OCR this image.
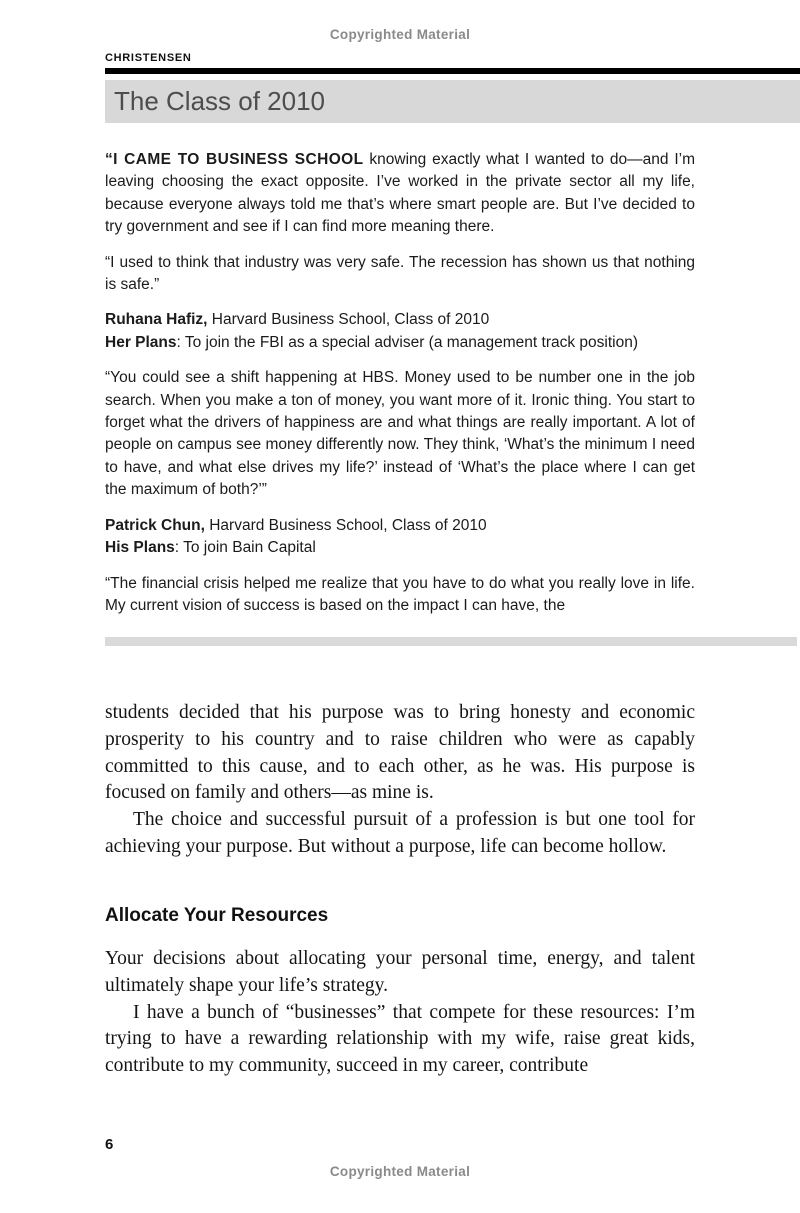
Copyrighted Material
CHRISTENSEN
The Class of 2010

“I CAME TO BUSINESS SCHOOL knowing exactly what I wanted to do—and I’m leaving choosing the exact opposite. I’ve worked in the private sector all my life, because everyone always told me that’s where smart people are. But I’ve decided to try government and see if I can find more meaning there.

“I used to think that industry was very safe. The recession has shown us that nothing is safe.”

Ruhana Hafiz, Harvard Business School, Class of 2010
Her Plans: To join the FBI as a special adviser (a management track position)

“You could see a shift happening at HBS. Money used to be number one in the job search. When you make a ton of money, you want more of it. Ironic thing. You start to forget what the drivers of happiness are and what things are really important. A lot of people on campus see money differently now. They think, ‘What’s the minimum I need to have, and what else drives my life?’ instead of ‘What’s the place where I can get the maximum of both?’”

Patrick Chun, Harvard Business School, Class of 2010
His Plans: To join Bain Capital

“The financial crisis helped me realize that you have to do what you really love in life. My current vision of success is based on the impact I can have, the

students decided that his purpose was to bring honesty and economic prosperity to his country and to raise children who were as capably committed to this cause, and to each other, as he was. His purpose is focused on family and others—as mine is.

The choice and successful pursuit of a profession is but one tool for achieving your purpose. But without a purpose, life can become hollow.

Allocate Your Resources

Your decisions about allocating your personal time, energy, and talent ultimately shape your life’s strategy.

I have a bunch of “businesses” that compete for these resources: I’m trying to have a rewarding relationship with my wife, raise great kids, contribute to my community, succeed in my career, contribute

6
Copyrighted Material
